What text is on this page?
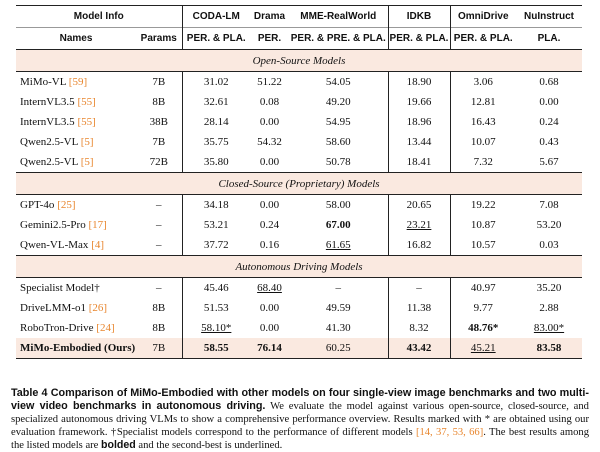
Model Info		CODA-LM	Drama	MME-RealWorld	IDKB	OmniDrive	NuInstruct
Names	Params	PER. & PLA.	PER.	PER. & PRE. & PLA.	PER. & PLA.	PER. & PLA.	PLA.
Open-Source Models							
MiMo-VL [59]	7B	31.02	51.22	54.05	18.90	3.06	0.68
InternVL3.5 [55]	8B	32.61	0.08	49.20	19.66	12.81	0.00
InternVL3.5 [55]	38B	28.14	0.00	54.95	18.96	16.43	0.24
Qwen2.5-VL [5]	7B	35.75	54.32	58.60	13.44	10.07	0.43
Qwen2.5-VL [5]	72B	35.80	0.00	50.78	18.41	7.32	5.67
Closed-Source (Proprietary) Models							
GPT-4o [25]	–	34.18	0.00	58.00	20.65	19.22	7.08
Gemini2.5-Pro [17]	–	53.21	0.24	67.00	23.21	10.87	53.20
Qwen-VL-Max [4]	–	37.72	0.16	61.65	16.82	10.57	0.03
Autonomous Driving Models							
Specialist Model†	–	45.46	68.40	–	–	40.97	35.20
DriveLMM-o1 [26]	8B	51.53	0.00	49.59	11.38	9.77	2.88
RoboTron-Drive [24]	8B	58.10*	0.00	41.30	8.32	48.76*	83.00*
MiMo-Embodied (Ours)	7B	58.55	76.14	60.25	43.42	45.21	83.58
Table 4 Comparison of MiMo-Embodied with other models on four single-view image benchmarks and two multi-view video benchmarks in autonomous driving. We evaluate the model against various open-source, closed-source, and specialized autonomous driving VLMs to show a comprehensive performance overview. Results marked with * are obtained using our evaluation framework. †Specialist models correspond to the performance of different models [14, 37, 53, 66]. The best results among the listed models are bolded and the second-best is underlined.
